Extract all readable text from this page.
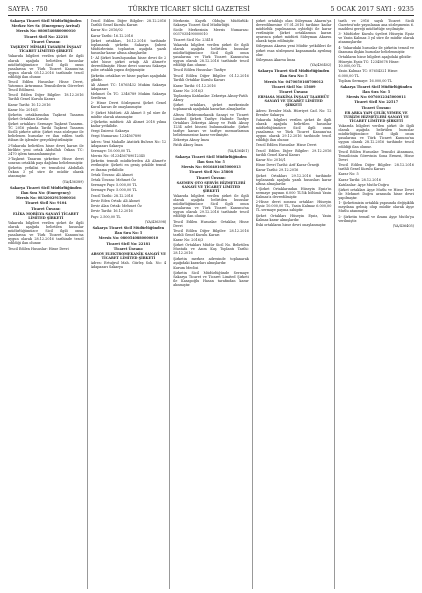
SAYFA : 750	TÜRKİYE TİCARET SİCİLİ GAZETESİ	5 OCAK 2017 SAYI : 9235

Sakarya Ticaret Sicil Müdürlüğünden

Merkez Nev Sr. (Emergency Arrival)

Mersis No: 0800540880000010

Ticaret Sicil No: 22218

Ticaret Ünvanı:

TAŞKENT MİMARİ TASARIM İNŞAAT TİCARET LİMİTED ŞİRKETİ

Yukarıda bilgileri verilen şirket ile ilgili olarak aşağıda belirtilen hususlar müdürlüğümüzce Sicil ilgili onun yasalarına ve Türk Ticaret Kanunu'na uygun olarak 05.12.2016 tarihinde tescil edildiği ilan olunur.

Tescil Edilen Hususlar: Hisse Devri, Yatırımcı Artırımına Temsilcilerin Görevleri Tescil Edilmesi.

Tescil Edilen Diğer Bilgiler: 18.12.2016 Tarihli Genel Kurulu Kararı

Karar Tarihi: 10.12.2016

Karar No: 2016/1

Şirketin ortaklarından Taşkent Tasarım Şirket Ortakları Kurulu:

Şirket ortakları: Sermaye Taşkent Tasarım. TC 2016 yılında Tarihi Taşkent Tasarım Sicilli şirkete aittir. Şirket esas sözleşme ile belirlenen hususlar ve ilan edilen tarih itibarı ile işlemler gerçekleştirilmiştir.

2-Yukarıda belirtilen hisse devri kararı ile birlikte yeni ortak Abdullah Özkan TC: 2470 işlem tamamlanmıştır.

3-Taşkent Tasarım şirketine Hisse devri sonrası ortaklık payı dağılımı belirlenmiştir.

Şirketin yetkilisi ve temsilcisi Abdullah Özkan 3 yıl süre ile müdür olarak atanmıştır.

(YA/436389)

Sakarya Ticaret Sicil Müdürlüğünden

Ilan Sıra No: (Emergency)

Mersis No: 0832002915000016

Ticaret Sicil No: 9104

Ticaret Ünvanı:

ELİKA MOBİLYA SANAYİ TİCARET LİMİTED ŞİRKETİ

Yukarıda bilgileri verilen şirket ile ilgili olarak aşağıda belirtilen hususlar müdürlüğümüzce Sicil ilgili onun yasalarına ve Türk Ticaret Kanunu'na uygun olarak 28.12.2016 tarihinde tescil edildiği ilan olunur.

Tescil Edilen Hususlar: Hisse Devri

Tescil Edilen Diğer Bilgiler: 28.12.2016 Tarihli Genel Kurulu Kararı

Karar No: 2016/02

Karar Tarihi: 16.12.2016

Şirket ortakları, 16.12.2016 tarihinde toplanarak şirketin Sakarya Şubesi Müdürlerinin toplantısı aşağıda yazılı hususlar karar altına almışlardır.

1- Al Şirket kuruluşundan hisse devri ile 2 adet hisse şirket ortağı Ali Ahmet'e devredilmiştir. Hisse devri sonrası Sakarya şube ortaklık yapısı değişmiştir.

Şirketin ortakları ve hisse payları aşağıdaki gibidir.

Ali Ahmet TC: 18765432 Mukim Sakarya Adapazarı

Mehmet Öz TC: 2346789 Mukim Sakarya Serdivan

2- Hisse Devri Sözleşmesi Şirket Genel Kurul kararı ile onaylanmıştır.

3- Şirket Müdürü: Ali Ahmet 5 yıl süre ile müdür olarak atanmıştır.

2-Şirketin müdürü: Ali Ahmet 2018 yılına kadar yetkilidir.

Vergi Dairesi: Sakarya

Vergi Numarası: 1234567890

Adres: Yeni Mahalle Atatürk Bulvarı No: 12 Adapazarı Sakarya

Sermaye: 10.000,00 TL

Mersis No: 0123456789012345

Şirketin temsili müdürlerden Ali Ahmet'e verilmiştir. Şirketi en geniş şekilde temsil ve ilzama yetkilidir.

Ortak Ünvanı: Ali Ahmet

Ortak Ünvanı: Mehmet Öz

Sermaye Payı: 5.000,00 TL

Sermaye Payı: 5.000,00 TL

Tescil Tarihi: 28.12.2016

Devir Eden Ortak: Ali Ahmet

Devir Alan Ortak: Mehmet Öz

Devir Tarihi: 16.12.2016

Payı: 2.500,00 TL

(YA/436398)

Sakarya Ticaret Sicil Müdürlüğünden

Ilan Sıra No: 5

Mersis No: 0800540880000010

Ticaret Sicil No: 22181

Ticaret Ünvanı:

ARSOY ELEKTROMEKANİK SANAYİ VE TİCARET LİMİTED ŞİRKETİ

Adres: Ertuğrul Mah. Gürleş Sok. No: 4 Adapazarı Sakarya

Merkezin Kayıtlı Olduğu Müdürlük: Sakarya Ticaret Sicil Müdürlüğü

Sicile Merkezinin Mersis Numarası: 0037035490000010

Ticaret Sicil No: 23418

Yukarıda bilgileri verilen şirket ile ilgili olarak aşağıda belirtilen hususlar müdürlüğümüzce Sicil ilgili onun yasalarına ve Türk Ticaret Kanunu'na uygun olarak 28.12.2016 tarihinde tescil edildiği ilan olunur.

Tescil Edilen Hususlar: Tasfiye

Tescil Edilen Diğer Bilgiler: 01.12.2016 Tarihli Ortaklar Kurulu Kararı

Karar Tarihi: 01.12.2016

Karar No: 2016/3

Toplantıya Katılanlar: Zekeriya Aksoy-Fatih Aksoy

Şirket ortakları, şirket merkezinde toplanarak aşağıdaki kararları almışlardır.

Alteza Elektromekanik Sanayi ve Ticaret Limited Şirketi Tasfiye Halinde Tasfiye Ortakları Zekeriya Aksoy ve Fatih Aksoy 1234 adet hissesi bulunmaktadır. Şirket tasfiye kararı ve tasfiye memurlarının belirlenmesine karar verilmiştir.

Zekeriya Aksoy İmza

Fatih Aksoy İmza

(YA/436401)

Sakarya Ticaret Sicil Müdürlüğünden

Ilan Sıra No: 5

Mersis No: 0016401665000013

Ticaret Sicil No: 25808

Ticaret Ünvanı:

SAYMEN OTO SERVİS HİZMETLERİ SANAYİ VE TİCARET LİMİTED ŞİRKETİ

Yukarıda bilgileri verilen şirket ile ilgili olarak aşağıda belirtilen hususlar müdürlüğümüzce Sicil ilgili onun yasalarına ve Türk Ticaret Kanunu'na uygun olarak 29.12.2016 tarihinde tescil edildiği ilan olunur.

Tescil Edilen Hususlar: Ortaklar, Hisse Devri

Tescil Edilen Diğer Bilgiler: 28.12.2016 tarihli Genel Kurulu Kararı

Karar No: 2016/3

Şirket Ortakları Müdür Sicil No. Belirtilen Mustafa ve Asım Kuş Toplantı Tarihi: 28.12.2016

Şirketin merkez adresinde toplanarak aşağıdaki kararları almışlardır.

Kurum Meclisi

Şirketin Sicil Müdürlüğünde Sermaye Sakarya Ticaret ve Ticaret Limited Şirketi ile Kasapoğlu Hasan tarafından karar alınmıştır.

şirket ortaklığı olan Süleyman Akarsu'ya devredilmesine 07.01.2016 tarihine kadar müdürlük yapılmasına oybirliği ile karar verilmiştir. Şirket ortaklarının kararı uyarınca şirket müdürü Süleyman Akarsu olarak tayin edilmiştir.

Süleyman Akarsu yeni Müdür yetkilileri ile şirket esas sözleşmesi kapsamında ayrılmış olur.

Süleyman Akarsu İmza

(YA/436402)

Sakarya Ticaret Sicil Müdürlüğünden

Ilan Sıra No: 5

Mersis No: 0470050168700012

Ticaret Sicil No: 15609

Ticaret Ünvanı:

ERMASA MAKİNA İNŞAAT TAAHHÜT SANAYİ VE TİCARET LİMİTED ŞİRKETİ

Adres: Erenler Mah. Hürriyet Cad. No: 12 Erenler Sakarya

Yukarıda bilgileri verilen şirket ile ilgili olarak aşağıda belirtilen hususlar müdürlüğümüzce Sicil ilgili onun yasalarına ve Türk Ticaret Kanunu'na uygun olarak 29.12.2016 tarihinde tescil edildiği ilan olunur.

Tescil Edilen Hususlar: Hisse Devri

Tescil Edilen Diğer Bilgiler: 29.12.2016 tarihli Genel Kurul Kararı

Karar No: 2016/1

Hisse Devri Tarihi: Arif Karar Örneği

Karar Tarihi: 29.12.2016

Şirket Ortakları 29.12.2016 tarihinde toplanarak aşağıda yazılı hususları karar altına almışlardır.

1-Şirket Ortaklarından Hüseyin Eşsiz'in sermaye payının 6.000 TL'lik bölümü Yasin Kalmaz'a devredilmiştir.

2-Hisse devri sonrası ortaklar: Hüseyin Eşsiz 10.000,00 TL, Yasin Kalmaz 6.000,00 TL sermaye payına sahiptir.

Şirket Ortakları Hüseyin Eşsiz, Yasin Kalmaz karar almışlardır.

Eski ortakların hisse devri onaylanmıştır.

tarih ve 2916 sayılı Ticaret Sicili Gazetesi'nde yayınlanan ana sözleşmenin 6. maddesi gereği müdürlüğe seçilmiştir.

3- Müdürler Kurulu üyeleri Hüseyin Eşsiz ve Yasin Kalmaz 3 yıl süre ile müdür olarak atanmışlardır.

4- Yukarıdaki hususlar ile şirketin temsil ve ilzamına ilişkin hususlar belirlenmiştir.

Ortakların hisse bilgileri aşağıdaki gibidir:

Hüseyin Eşsiz TC: 12345678 Hisse: 10.000,00 TL

Yasin Kalmaz TC: 87654321 Hisse: 6.000,00 TL

Toplam Sermaye: 16.000,00 TL

Sakarya Ticaret Sicil Müdürlüğünden

Ilan Sıra No: 5

Mersis No: 0076012345000011

Ticaret Sicil No: 22517

Ticaret Ünvanı:

ER ARKA YAPI ÇELİK YEMEK VE TURİZM HİZMETLERİ SANAYİ VE TİCARET LİMİTED ŞİRKETİ

Yukarıda bilgileri verilen şirket ile ilgili olarak aşağıda belirtilen hususlar müdürlüğümüzce Sicil ilgili onun yasalarına ve Türk Ticaret Kanunu'na uygun olarak 28.12.2016 tarihinde tescil edildiği ilan olunur.

Tescil Edilen Hususlar: Temsilci Atanması, Temsilcinin Görevinin Sona Ermesi, Hisse Devri

Tescil Edilen Diğer Bilgiler: 28.12.2016 tarihli Genel Kurulu Kararı

Karar No: 5

Karar Tarihi: 28.12.2016

Katılanlar: Ayşe Mutlu-Doğru

Şirket ortakları Ayşe Mutlu ve Hisse Devri ile Mehmet Doğru arasında hisse devri yapılmıştır.

1- Şirketimizin ortaklık yapısında değişiklik meydana gelmiş olup müdür olarak Ayşe Mutlu atanmıştır.

2- Şirketin temsil ve ilzamı Ayşe Mutlu'ya verilmiştir.

(YA/436405)
